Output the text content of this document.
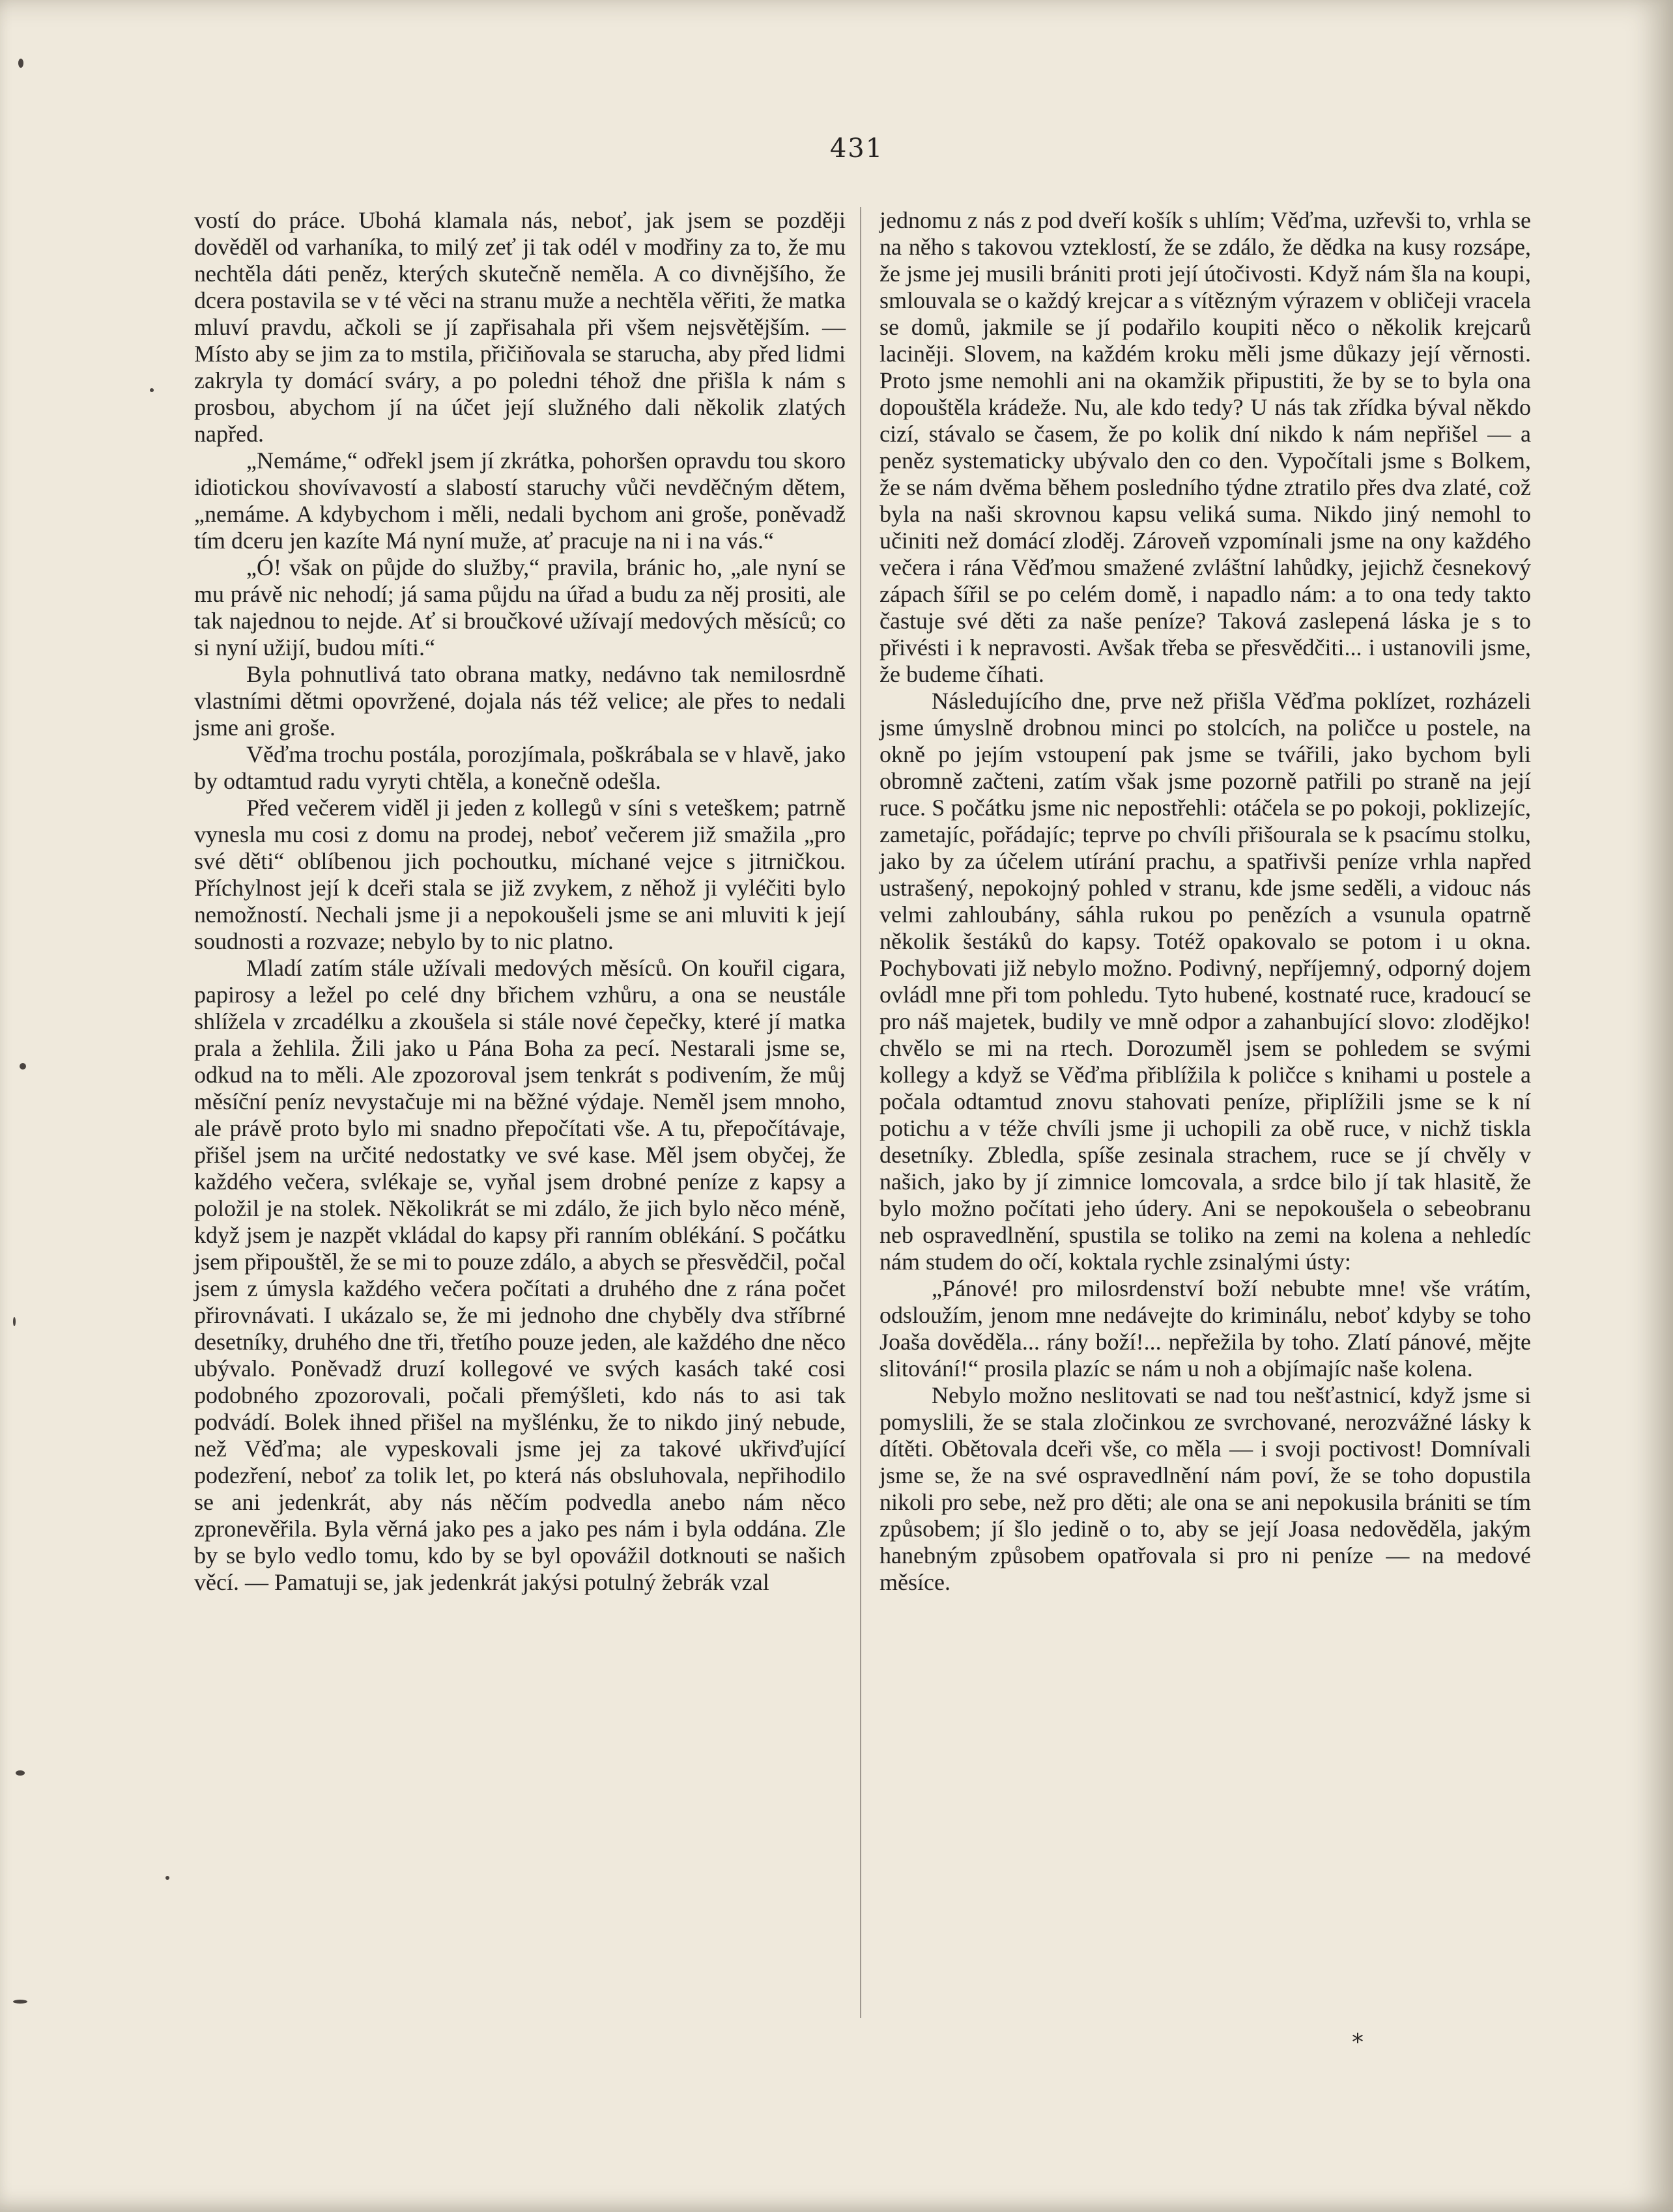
431

vostí do práce. Ubohá klamala nás, neboť, jak jsem se později dověděl od varhaníka, to milý zeť ji tak odél v modřiny za to, že mu nechtěla dáti peněz, kterých skutečně neměla. A co divnějšího, že dcera postavila se v té věci na stranu muže a nechtěla věřiti, že matka mluví pravdu, ačkoli se jí zapřisahala při všem nejsvětějším. — Místo aby se jim za to mstila, přičiňovala se starucha, aby před lidmi zakryla ty domácí sváry, a po poledni téhož dne přišla k nám s prosbou, abychom jí na účet její služného dali několik zlatých napřed.

„Nemáme,“ odřekl jsem jí zkrátka, pohoršen opravdu tou skoro idiotickou shovívavostí a slabostí staruchy vůči nevděčným dětem, „nemáme. A kdybychom i měli, nedali bychom ani groše, poněvadž tím dceru jen kazíte Má nyní muže, ať pracuje na ni i na vás.“

„Ó! však on půjde do služby,“ pravila, bránic ho, „ale nyní se mu právě nic nehodí; já sama půjdu na úřad a budu za něj prositi, ale tak najednou to nejde. Ať si broučkové užívají medových měsíců; co si nyní užijí, budou míti.“

Byla pohnutlivá tato obrana matky, nedávno tak nemilosrdně vlastními dětmi opovržené, dojala nás též velice; ale přes to nedali jsme ani groše.

Věďma trochu postála, porozjímala, poškrábala se v hlavě, jako by odtamtud radu vyryti chtěla, a konečně odešla.

Před večerem viděl ji jeden z kollegů v síni s veteškem; patrně vynesla mu cosi z domu na prodej, neboť večerem již smažila „pro své děti“ oblíbenou jich pochoutku, míchané vejce s jitrničkou. Příchylnost její k dceři stala se již zvykem, z něhož ji vyléčiti bylo nemožností. Nechali jsme ji a nepokoušeli jsme se ani mluviti k její soudnosti a rozvaze; nebylo by to nic platno.

Mladí zatím stále užívali medových měsíců. On kouřil cigara, papirosy a ležel po celé dny břichem vzhůru, a ona se neustále shlížela v zrcadélku a zkoušela si stále nové čepečky, které jí matka prala a žehlila. Žili jako u Pána Boha za pecí. Nestarali jsme se, odkud na to měli. Ale zpozoroval jsem tenkrát s podivením, že můj měsíční peníz nevystačuje mi na běžné výdaje. Neměl jsem mnoho, ale právě proto bylo mi snadno přepočítati vše. A tu, přepočítávaje, přišel jsem na určité nedostatky ve své kase. Měl jsem obyčej, že každého večera, svlékaje se, vyňal jsem drobné peníze z kapsy a položil je na stolek. Několikrát se mi zdálo, že jich bylo něco méně, když jsem je nazpět vkládal do kapsy při ranním oblékání. S počátku jsem připouštěl, že se mi to pouze zdálo, a abych se přesvědčil, počal jsem z úmysla každého večera počítati a druhého dne z rána počet přirovnávati. I ukázalo se, že mi jednoho dne chyběly dva stříbrné desetníky, druhého dne tři, třetího pouze jeden, ale každého dne něco ubývalo. Poněvadž druzí kollegové ve svých kasách také cosi podobného zpozorovali, počali přemýšleti, kdo nás to asi tak podvádí. Bolek ihned přišel na myšlénku, že to nikdo jiný nebude, než Věďma; ale vypeskovali jsme jej za takové ukřivďující podezření, neboť za tolik let, po která nás obsluhovala, nepřihodilo se ani jedenkrát, aby nás něčím podvedla anebo nám něco zpronevěřila. Byla věrná jako pes a jako pes nám i byla oddána. Zle by se bylo vedlo tomu, kdo by se byl opovážil dotknouti se našich věcí. — Pamatuji se, jak jedenkrát jakýsi potulný žebrák vzal

jednomu z nás z pod dveří košík s uhlím; Věďma, uzřevši to, vrhla se na něho s takovou vzteklostí, že se zdálo, že dědka na kusy rozsápe, že jsme jej musili brániti proti její útočivosti. Když nám šla na koupi, smlouvala se o každý krejcar a s vítězným výrazem v obličeji vracela se domů, jakmile se jí podařilo koupiti něco o několik krejcarů laciněji. Slovem, na každém kroku měli jsme důkazy její věrnosti. Proto jsme nemohli ani na okamžik připustiti, že by se to byla ona dopouštěla krádeže. Nu, ale kdo tedy? U nás tak zřídka býval někdo cizí, stávalo se časem, že po kolik dní nikdo k nám nepřišel — a peněz systematicky ubývalo den co den. Vypočítali jsme s Bolkem, že se nám dvěma během posledního týdne ztratilo přes dva zlaté, což byla na naši skrovnou kapsu veliká suma. Nikdo jiný nemohl to učiniti než domácí zloděj. Zároveň vzpomínali jsme na ony každého večera i rána Věďmou smažené zvláštní lahůdky, jejichž česnekový zápach šířil se po celém domě, i napadlo nám: a to ona tedy takto častuje své děti za naše peníze? Taková zaslepená láska je s to přivésti i k nepravosti. Avšak třeba se přesvědčiti... i ustanovili jsme, že budeme číhati.

Následujícího dne, prve než přišla Věďma poklízet, rozházeli jsme úmyslně drobnou minci po stolcích, na poličce u postele, na okně po jejím vstoupení pak jsme se tvářili, jako bychom byli obromně začteni, zatím však jsme pozorně patřili po straně na její ruce. S počátku jsme nic nepostřehli: otáčela se po pokoji, poklizejíc, zametajíc, pořádajíc; teprve po chvíli přišourala se k psacímu stolku, jako by za účelem utírání prachu, a spatřivši peníze vrhla napřed ustrašený, nepokojný pohled v stranu, kde jsme seděli, a vidouc nás velmi zahloubány, sáhla rukou po penězích a vsunula opatrně několik šestáků do kapsy. Totéž opakovalo se potom i u okna. Pochybovati již nebylo možno. Podivný, nepříjemný, odporný dojem ovládl mne při tom pohledu. Tyto hubené, kostnaté ruce, kradoucí se pro náš majetek, budily ve mně odpor a zahanbující slovo: zlodějko! chvělo se mi na rtech. Dorozuměl jsem se pohledem se svými kollegy a když se Věďma přiblížila k poličce s knihami u postele a počala odtamtud znovu stahovati peníze, připlížili jsme se k ní potichu a v téže chvíli jsme ji uchopili za obě ruce, v nichž tiskla desetníky. Zbledla, spíše zesinala strachem, ruce se jí chvěly v našich, jako by jí zimnice lomcovala, a srdce bilo jí tak hlasitě, že bylo možno počítati jeho údery. Ani se nepokoušela o sebeobranu neb ospravedlnění, spustila se toliko na zemi na kolena a nehledíc nám studem do očí, koktala rychle zsinalými ústy:

„Pánové! pro milosrdenství boží nebubte mne! vše vrátím, odsloužím, jenom mne nedávejte do kriminálu, neboť kdyby se toho Joaša dověděla... rány boží!... nepřežila by toho. Zlatí pánové, mějte slitování!“ prosila plazíc se nám u noh a objímajíc naše kolena.

Nebylo možno neslitovati se nad tou nešťastnicí, když jsme si pomyslili, že se stala zločinkou ze svrchované, nerozvážné lásky k dítěti. Obětovala dceři vše, co měla — i svoji poctivost! Domnívali jsme se, že na své ospravedlnění nám poví, že se toho dopustila nikoli pro sebe, než pro děti; ale ona se ani nepokusila brániti se tím způsobem; jí šlo jedině o to, aby se její Joasa nedověděla, jakým hanebným způsobem opatřovala si pro ni peníze — na medové měsíce.

*
